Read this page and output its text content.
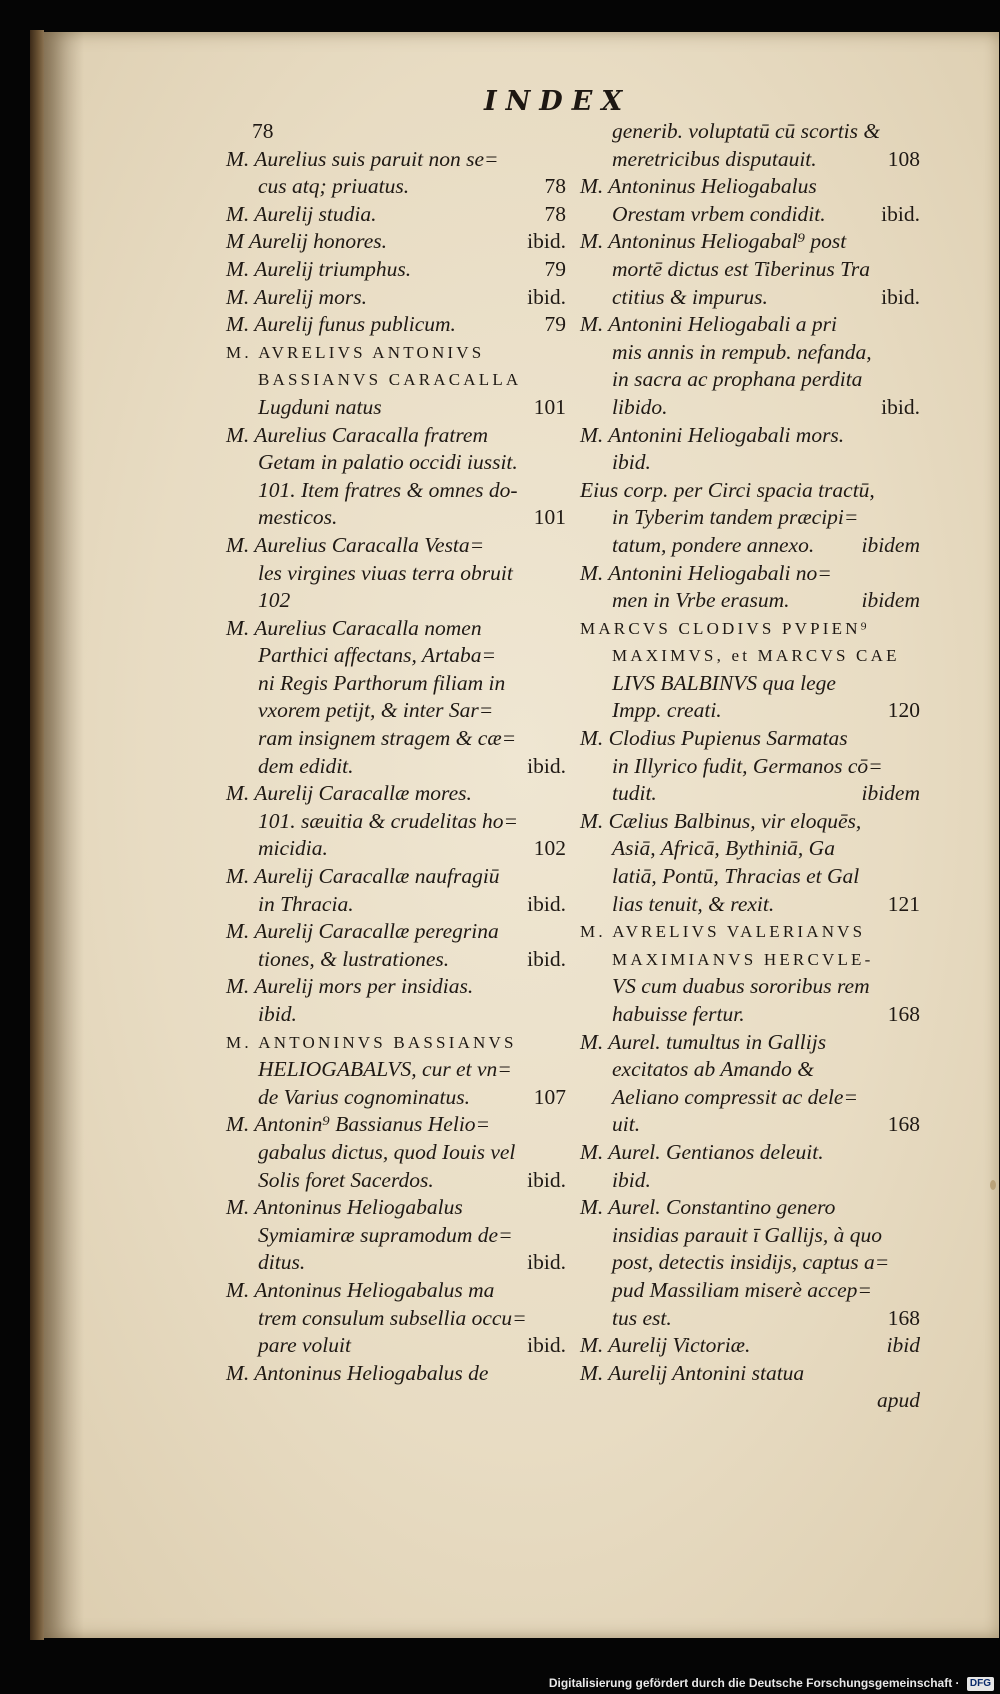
INDEX
78
M. Aurelius suis paruit non se=
78
cus atq; priuatus.
78
M. Aurelij studia.
ibid.
M Aurelij honores.
79
M. Aurelij triumphus.
ibid.
M. Aurelij mors.
79
M. Aurelij funus publicum.
M. AVRELIVS ANTONIVS
BASSIANVS CARACALLA
101
Lugduni natus
M. Aurelius Caracalla fratrem
Getam in palatio occidi iussit.
101. Item fratres & omnes do-
101
mesticos.
M. Aurelius Caracalla Vesta=
les virgines viuas terra obruit
102
M. Aurelius Caracalla nomen
Parthici affectans, Artaba=
ni Regis Parthorum filiam in
vxorem petijt, & inter Sar=
ram insignem stragem & cæ=
ibid.
dem edidit.
M. Aurelij Caracallæ mores.
101. sæuitia & crudelitas ho=
102
micidia.
M. Aurelij Caracallæ naufragiū
ibid.
in Thracia.
M. Aurelij Caracallæ peregrina
ibid.
tiones, & lustrationes.
M. Aurelij mors per insidias.
ibid.
M. ANTONINVS BASSIANVS
HELIOGABALVS, cur et vn=
107
de Varius cognominatus.
M. Antonin⁹ Bassianus Helio=
gabalus dictus, quod Iouis vel
ibid.
Solis foret Sacerdos.
M. Antoninus Heliogabalus
Symiamiræ supramodum de=
ibid.
ditus.
M. Antoninus Heliogabalus ma
trem consulum subsellia occu=
ibid.
pare voluit
M. Antoninus Heliogabalus de
generib. voluptatū cū scortis &
108
meretricibus disputauit.
M. Antoninus Heliogabalus
ibid.
Orestam vrbem condidit.
M. Antoninus Heliogabal⁹ post
mortē dictus est Tiberinus Tra
ibid.
ctitius & impurus.
M. Antonini Heliogabali a pri
mis annis in rempub. nefanda,
in sacra ac prophana perdita
ibid.
libido.
M. Antonini Heliogabali mors.
ibid.
Eius corp. per Circi spacia tractū,
in Tyberim tandem præcipi=
ibidem
tatum, pondere annexo.
M. Antonini Heliogabali no=
ibidem
men in Vrbe erasum.
MARCVS CLODIVS PVPIEN⁹
MAXIMVS, et MARCVS CAE
LIVS BALBINVS qua lege
120
Impp. creati.
M. Clodius Pupienus Sarmatas
in Illyrico fudit, Germanos cō=
ibidem
tudit.
M. Cælius Balbinus, vir eloquēs,
Asiā, Africā, Bythiniā, Ga
latiā, Pontū, Thracias et Gal
121
lias tenuit, & rexit.
M. AVRELIVS VALERIANVS
MAXIMIANVS HERCVLE-
VS cum duabus sororibus rem
168
habuisse fertur.
M. Aurel. tumultus in Gallijs
excitatos ab Amando &
Aeliano compressit ac dele=
168
uit.
M. Aurel. Gentianos deleuit.
ibid.
M. Aurel. Constantino genero
insidias parauit ī Gallijs, à quo
post, detectis insidijs, captus a=
pud Massiliam miserè accep=
168
tus est.
ibid
M. Aurelij Victoriæ.
M. Aurelij Antonini statua
apud
Digitalisierung gefördert durch die Deutsche Forschungsgemeinschaft · DFG
